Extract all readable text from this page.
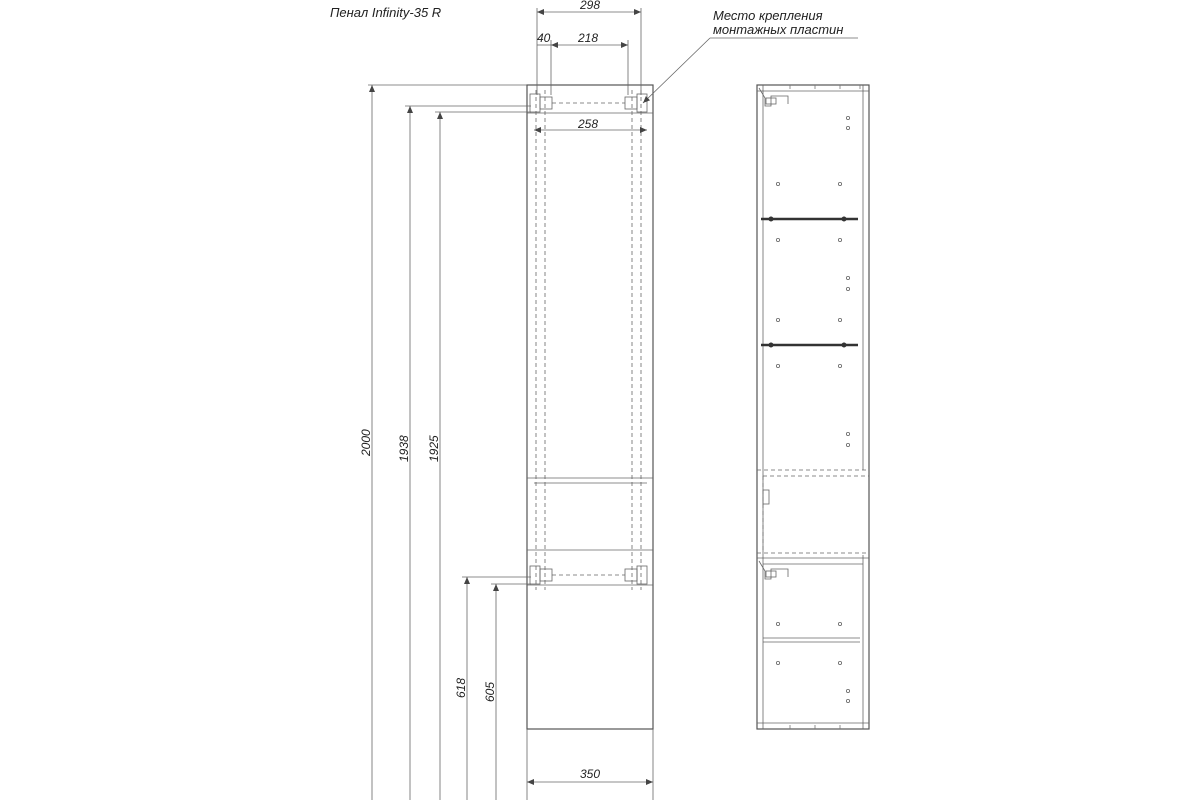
Пенал Infinity-35 R	298
40 218
258
Место крепления
монтажных пластин
2000 1938 1925
618 605
350
